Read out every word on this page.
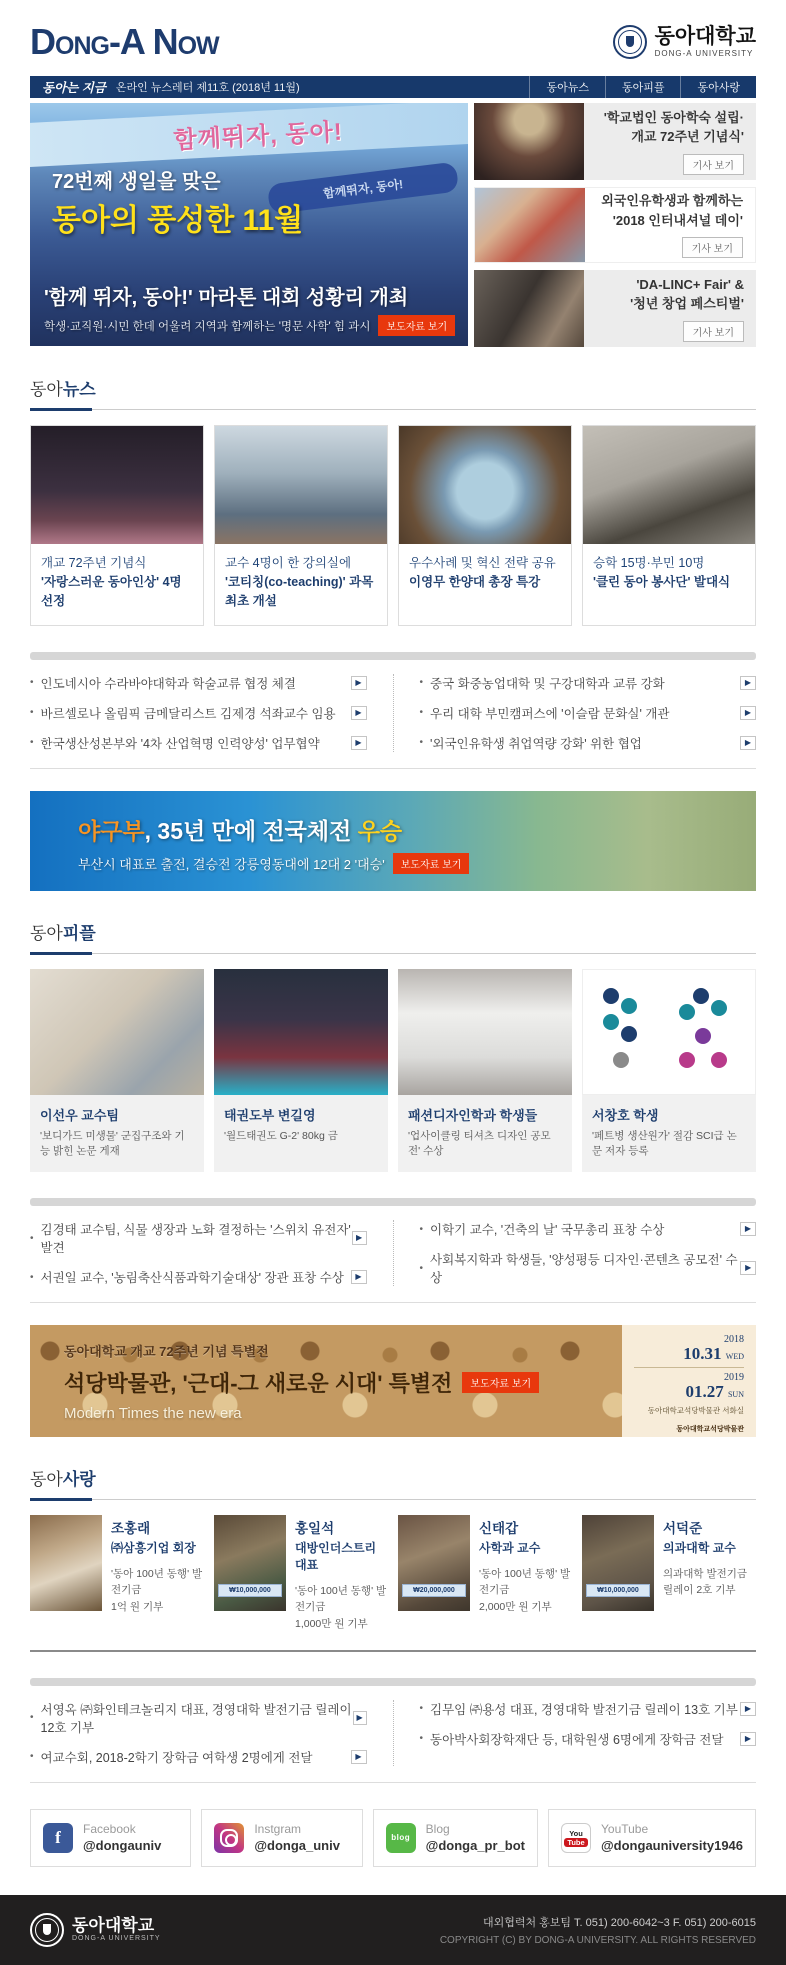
Dong-A Now	동아대학교
DONG-A UNIVERSITY
동아는 지금 온라인 뉴스레터 제11호 (2018년 11월)	동아뉴스	동아피플	동아사랑
함께뛰자, 동아!
함께뛰자, 동아!
72번째 생일을 맞은
동아의 풍성한 11월
'함께 뛰자, 동아!' 마라톤 대회 성황리 개최
학생·교직원·시민 한데 어울려 지역과 함께하는 '명문 사학' 힘 과시	보도자료 보기
'학교법인 동아학숙 설립·
개교 72주년 기념식'
기사 보기
외국인유학생과 함께하는
'2018 인터내셔널 데이'
기사 보기
'DA-LINC+ Fair' &
'청년 창업 페스티벌'
기사 보기
동아뉴스
개교 72주년 기념식
'자랑스러운 동아인상' 4명 선정
교수 4명이 한 강의실에
'코티칭(co-teaching)' 과목 최초 개설
우수사례 및 혁신 전략 공유
이영무 한양대 총장 특강
승학 15명·부민 10명
'클린 동아 봉사단' 발대식
• 인도네시아 수라바야대학과 학술교류 협정 체결	▶
• 바르셀로나 올림픽 금메달리스트 김제경 석좌교수 임용	▶
• 한국생산성본부와 '4차 산업혁명 인력양성' 업무협약	▶
• 중국 화중농업대학 및 구강대학과 교류 강화	▶
• 우리 대학 부민캠퍼스에 '이슬람 문화실' 개관	▶
• '외국인유학생 취업역량 강화' 위한 협업	▶
야구부, 35년 만에 전국체전 우승
부산시 대표로 출전, 결승전 강릉영동대에 12대 2 '대승'	보도자료 보기
동아피플
이선우 교수팀
'보디가드 미생물' 군집구조와 기능 밝힌 논문 게재
태권도부 변길영
'월드태권도 G-2' 80kg 금
패션디자인학과 학생들
'업사이클링 티셔츠 디자인 공모전' 수상
서창호 학생
'페트병 생산원가' 절감 SCI급 논문 저자 등록
•
김경태 교수팀, 식물 생장과 노화 결정하는 '스위치 유전자' 발견
▶
• 서권일 교수, '농림축산식품과학기술대상' 장관 표창 수상	▶
• 이학기 교수, '건축의 날' 국무총리 표창 수상	▶
•
사회복지학과 학생들, '양성평등 디자인·콘텐츠 공모전' 수상
▶
동아대학교 개교 72주년 기념 특별전
석당박물관, '근대-그 새로운 시대' 특별전	보도자료 보기
Modern Times the new era
2018
10.31 WED
2019
01.27 SUN
동아대학교석당박물관 서화실
동아대학교석당박물관
동아사랑
조홍래
㈜삼흥기업 회장
'동아 100년 동행' 발전기금
1억 원 기부
₩10,000,000
홍일석
대방인더스트리 대표
'동아 100년 동행' 발전기금
1,000만 원 기부
₩20,000,000
신태갑
사학과 교수
'동아 100년 동행' 발전기금
2,000만 원 기부
₩10,000,000
서덕준
의과대학 교수
의과대학 발전기금
릴레이 2호 기부
•
서영옥 ㈜화인테크놀리지 대표, 경영대학 발전기금 릴레이 12호 기부
▶
• 여교수회, 2018-2학기 장학금 여학생 2명에게 전달	▶
• 김무임 ㈜용성 대표, 경영대학 발전기금 릴레이 13호 기부 ▶
• 동아박사회장학재단 등, 대학원생 6명에게 장학금 전달	▶
f	Facebook
@dongauniv
Instgram
@donga_univ
blog
Blog
@donga_pr_bot
You
Tube
YouTube
@dongauniversity1946
동아대학교
DONG-A UNIVERSITY
대외협력처 홍보팀 T. 051) 200-6042~3 F. 051) 200-6015
COPYRIGHT (C) BY DONG-A UNIVERSITY. ALL RIGHTS RESERVED
